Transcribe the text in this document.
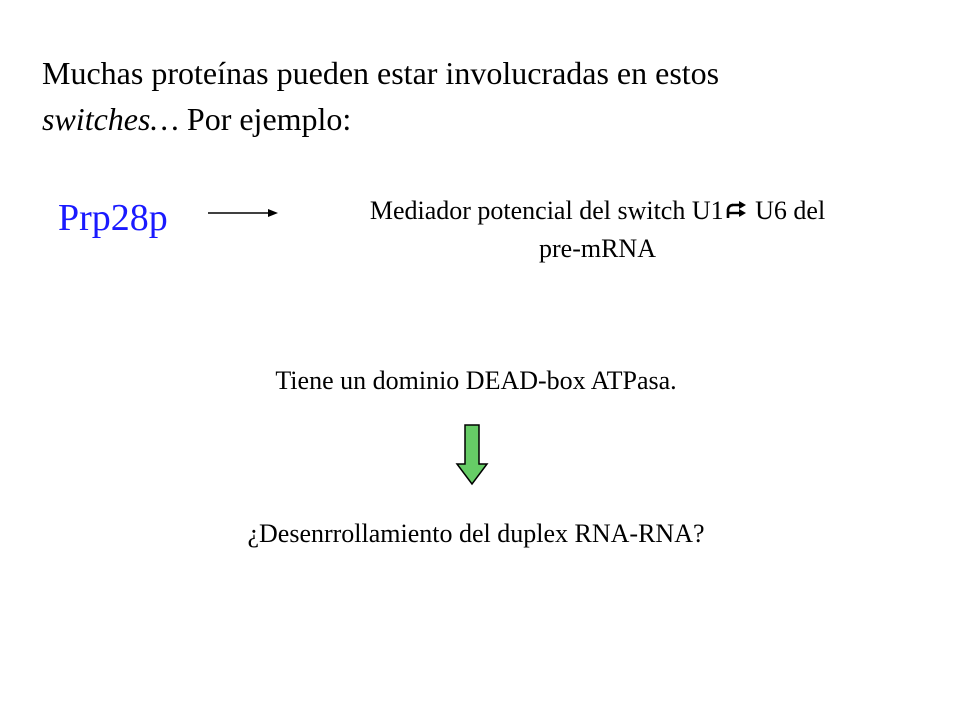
Muchas proteínas pueden estar involucradas en estos
switches… Por ejemplo:
Prp28p	Mediador potencial del switch U1 U6 del
pre-mRNA
Tiene un dominio DEAD-box ATPasa.
¿Desenrrollamiento del duplex RNA-RNA?
